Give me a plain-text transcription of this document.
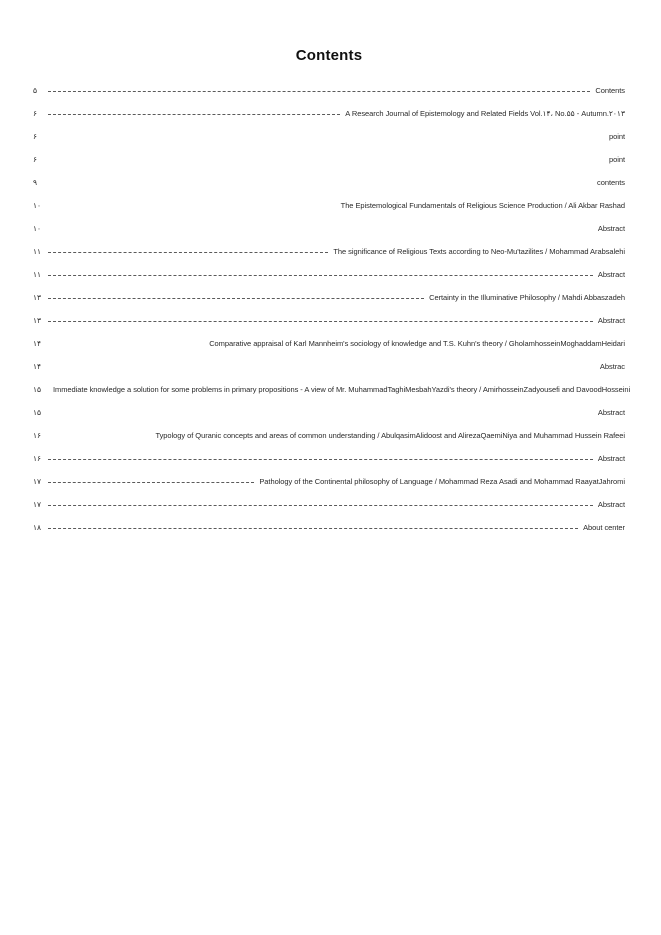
Contents
۵	Contents
۶	A Research Journal of Epistemology and Related Fields Vol.۱۴، No.۵۵ - Autumn.۲۰۱۳
۶	point
۶	point
۹	contents
۱۰	The Epistemological Fundamentals of Religious Science Production / Ali Akbar Rashad
۱۰	Abstract
۱۱	The significance of Religious Texts according to Neo-Mu'tazilites / Mohammad Arabsalehi
۱۱	Abstract
۱۳	Certainty in the Illuminative Philosophy / Mahdi Abbaszadeh
۱۳	Abstract
۱۴	Comparative appraisal of Karl Mannheim's sociology of knowledge and T.S. Kuhn's theory / GholamhosseinMoghaddamHeidari
۱۴	Abstrac
۱۵ Immediate knowledge a solution for some problems in primary propositions - A view of Mr. MuhammadTaghiMesbahYazdi's theory / AmirhosseinZadyousefi and DavoodHosseini
۱۵	Abstract
۱۶	Typology of Quranic concepts and areas of common understanding / AbulqasimAlidoost and AlirezaQaemiNiya and Muhammad Hussein Rafeei
۱۶	Abstract
۱۷	Pathology of the Continental philosophy of Language / Mohammad Reza Asadi and Mohammad RaayatJahromi
۱۷	Abstract
۱۸	About center
